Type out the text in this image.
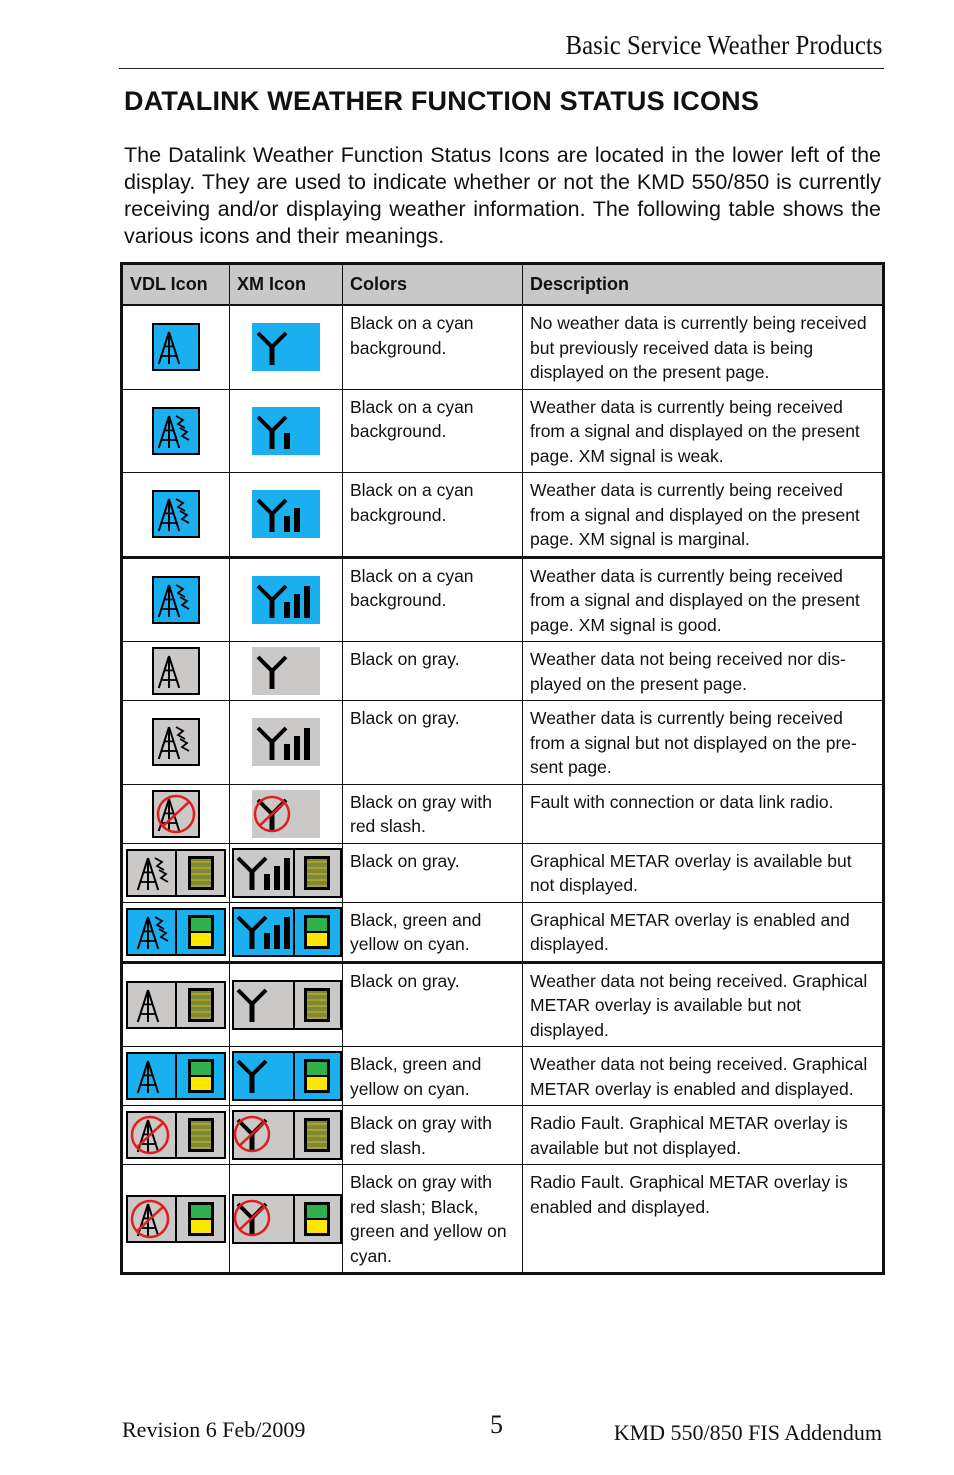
Basic Service Weather Products
DATALINK WEATHER FUNCTION STATUS ICONS
The Datalink Weather Function Status Icons are located in the lower left of the display. They are used to indicate whether or not the KMD 550/850 is currently receiving and/or displaying weather information. The following table shows the various icons and their meanings.
VDL Icon	XM Icon	Colors	Description
		Black on a cyan background.	No weather data is currently being received but previously received data is being displayed on the present page.
		Black on a cyan background.	Weather data is currently being received from a signal and displayed on the present page. XM signal is weak.
		Black on a cyan background.	Weather data is currently being received from a signal and displayed on the present page. XM signal is marginal.
		Black on a cyan background.	Weather data is currently being received from a signal and displayed on the present page. XM signal is good.
		Black on gray.	Weather data not being received nor dis-played on the present page.
		Black on gray.	Weather data is currently being received from a signal but not displayed on the pre-sent page.
		Black on gray with red slash.	Fault with connection or data link radio.
		Black on gray.	Graphical METAR overlay is available but not displayed.
		Black, green and yellow on cyan.	Graphical METAR overlay is enabled and displayed.
		Black on gray.	Weather data not being received. Graphical METAR overlay is available but not displayed.
		Black, green and yellow on cyan.	Weather data not being received. Graphical METAR overlay is enabled and displayed.
		Black on gray with red slash.	Radio Fault. Graphical METAR overlay is available but not displayed.
		Black on gray with red slash; Black, green and yellow on cyan.	Radio Fault. Graphical METAR overlay is enabled and displayed.
Revision 6 Feb/2009	5	KMD 550/850 FIS Addendum
